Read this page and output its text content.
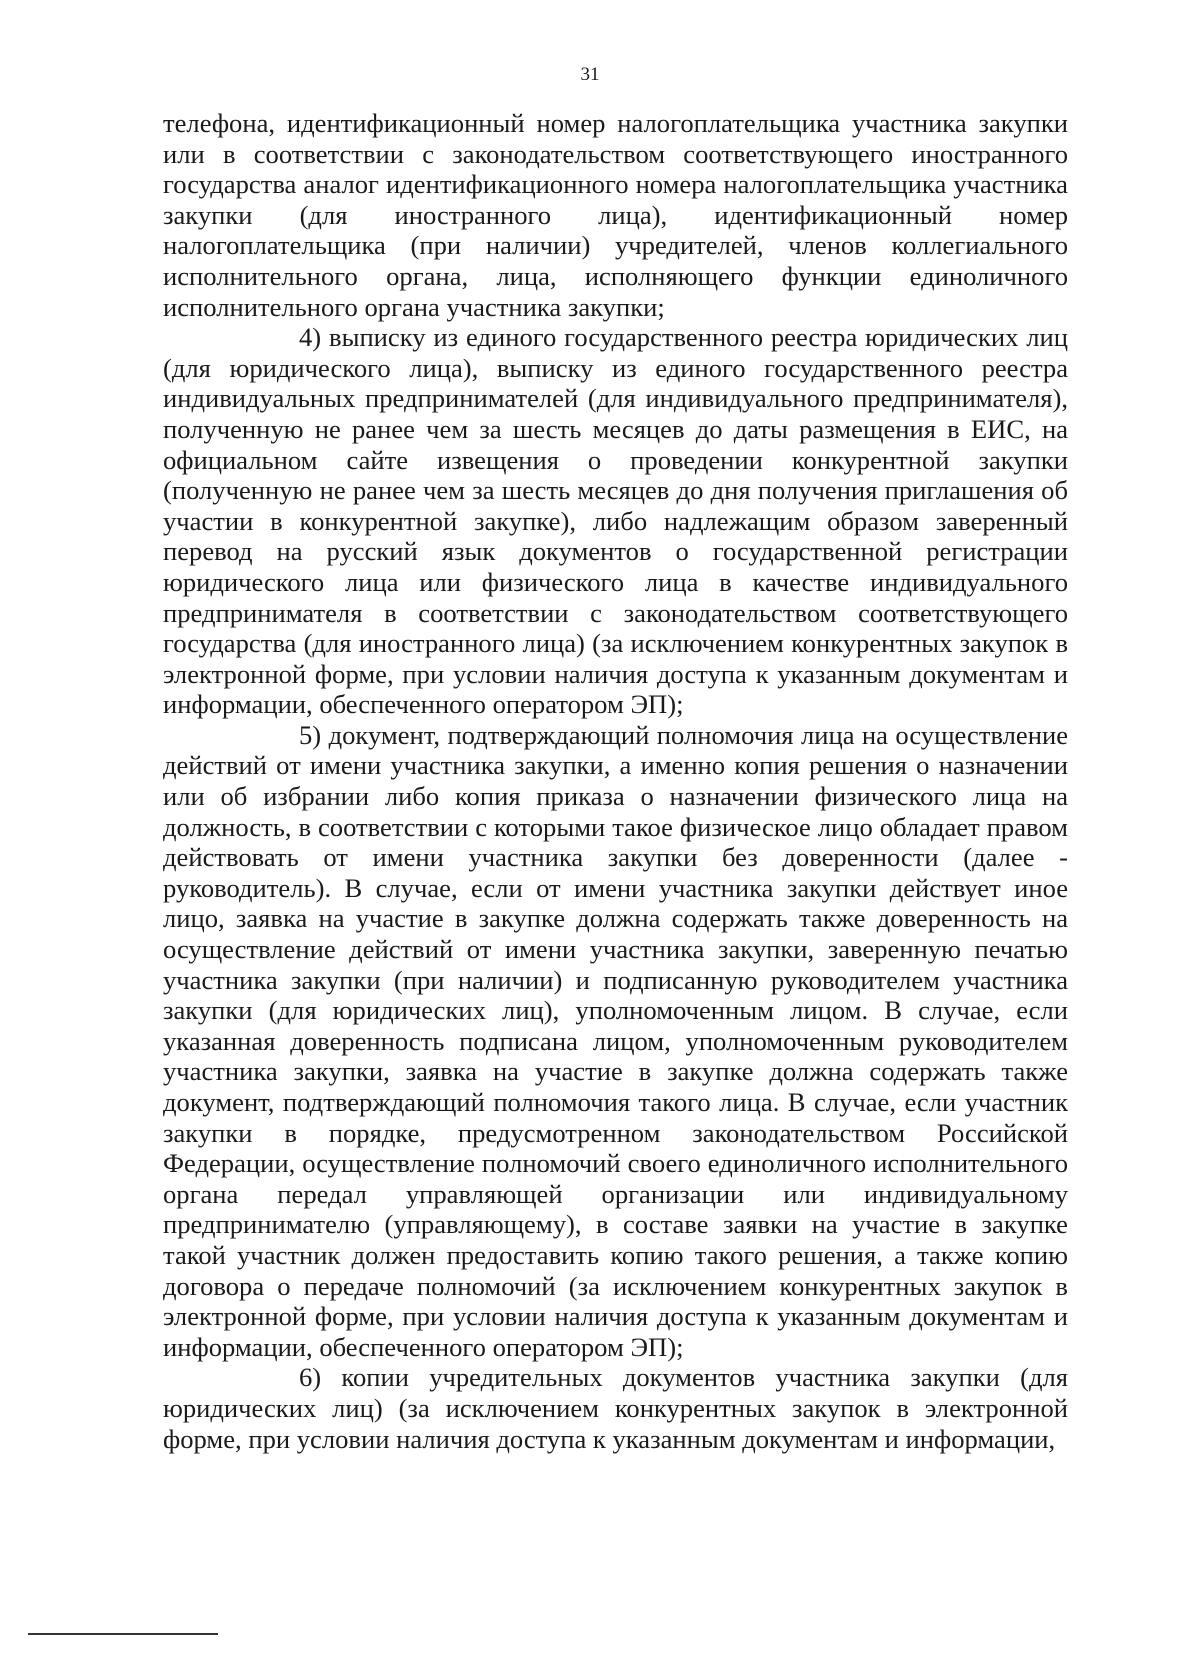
31

телефона, идентификационный номер налогоплательщика участника закупки или в соответствии с законодательством соответствующего иностранного государства аналог идентификационного номера налогоплательщика участника закупки (для иностранного лица), идентификационный номер налогоплательщика (при наличии) учредителей, членов коллегиального исполнительного органа, лица, исполняющего функции единоличного исполнительного органа участника закупки;

4) выписку из единого государственного реестра юридических лиц (для юридического лица), выписку из единого государственного реестра индивидуальных предпринимателей (для индивидуального предпринимателя), полученную не ранее чем за шесть месяцев до даты размещения в ЕИС, на официальном сайте извещения о проведении конкурентной закупки (полученную не ранее чем за шесть месяцев до дня получения приглашения об участии в конкурентной закупке), либо надлежащим образом заверенный перевод на русский язык документов о государственной регистрации юридического лица или физического лица в качестве индивидуального предпринимателя в соответствии с законодательством соответствующего государства (для иностранного лица) (за исключением конкурентных закупок в электронной форме, при условии наличия доступа к указанным документам и информации, обеспеченного оператором ЭП);

5) документ, подтверждающий полномочия лица на осуществление действий от имени участника закупки, а именно копия решения о назначении или об избрании либо копия приказа о назначении физического лица на должность, в соответствии с которыми такое физическое лицо обладает правом действовать от имени участника закупки без доверенности (далее - руководитель). В случае, если от имени участника закупки действует иное лицо, заявка на участие в закупке должна содержать также доверенность на осуществление действий от имени участника закупки, заверенную печатью участника закупки (при наличии) и подписанную руководителем участника закупки (для юридических лиц), уполномоченным лицом. В случае, если указанная доверенность подписана лицом, уполномоченным руководителем участника закупки, заявка на участие в закупке должна содержать также документ, подтверждающий полномочия такого лица. В случае, если участник закупки в порядке, предусмотренном законодательством Российской Федерации, осуществление полномочий своего единоличного исполнительного органа передал управляющей организации или индивидуальному предпринимателю (управляющему), в составе заявки на участие в закупке такой участник должен предоставить копию такого решения, а также копию договора о передаче полномочий (за исключением конкурентных закупок в электронной форме, при условии наличия доступа к указанным документам и информации, обеспеченного оператором ЭП);

6) копии учредительных документов участника закупки (для юридических лиц) (за исключением конкурентных закупок в электронной форме, при условии наличия доступа к указанным документам и информации,
